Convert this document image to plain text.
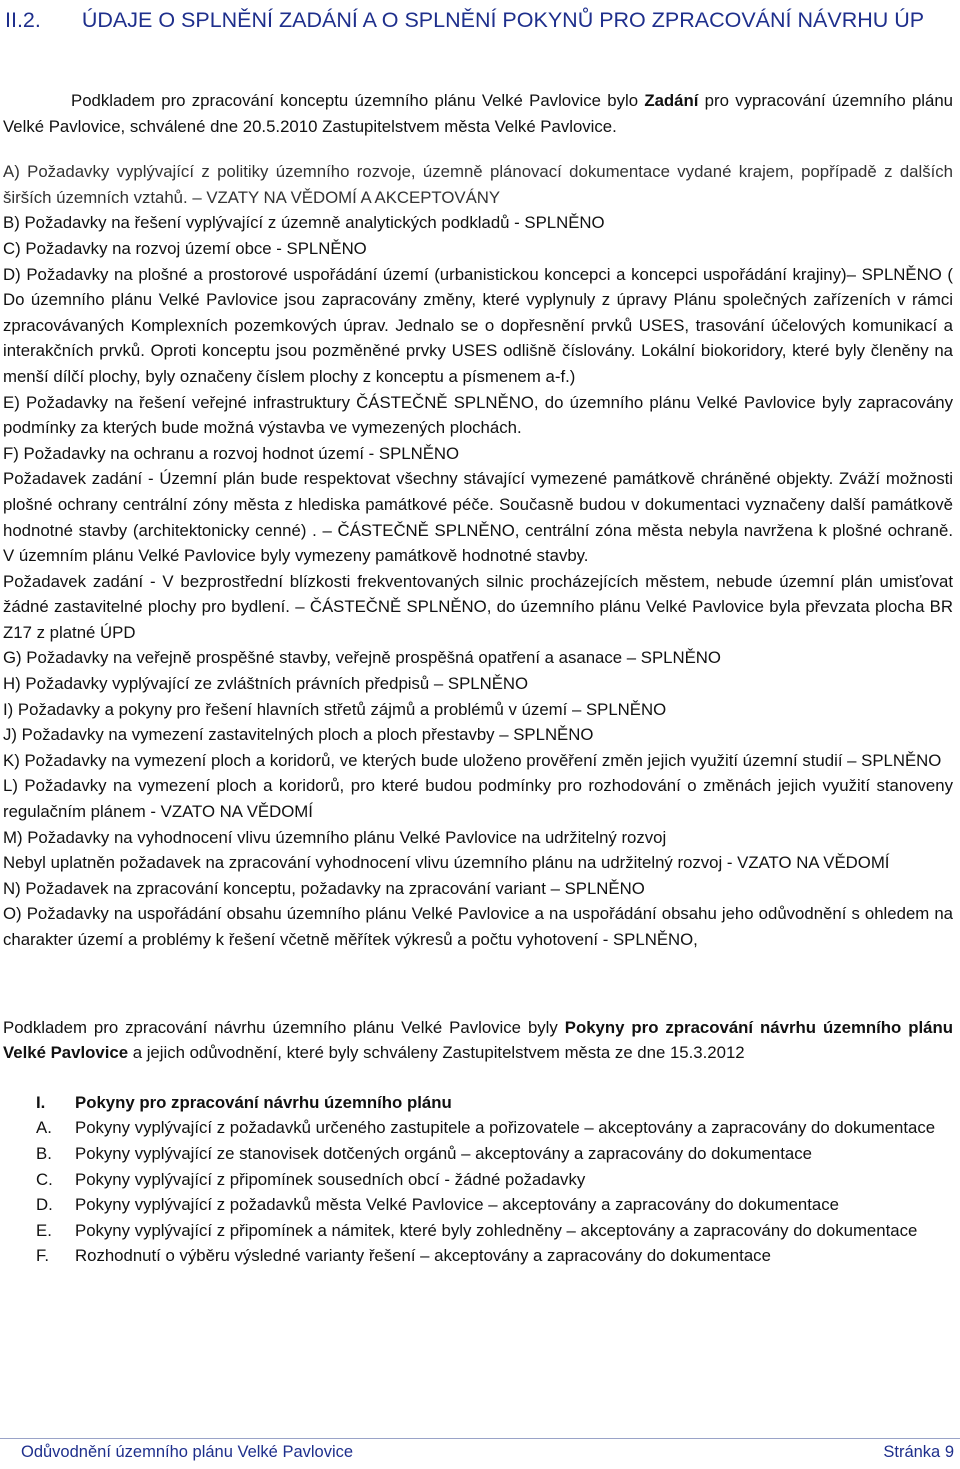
II.2. ÚDAJE O SPLNĚNÍ ZADÁNÍ A O SPLNĚNÍ POKYNŮ PRO ZPRACOVÁNÍ NÁVRHU ÚP

Podkladem pro zpracování konceptu územního plánu Velké Pavlovice bylo Zadání pro vypracování územního plánu Velké Pavlovice, schválené dne 20.5.2010 Zastupitelstvem města Velké Pavlovice.

A) Požadavky vyplývající z politiky územního rozvoje, územně plánovací dokumentace vydané krajem, popřípadě z dalších širších územních vztahů. – VZATY NA VĚDOMÍ A AKCEPTOVÁNY

B) Požadavky na řešení vyplývající z územně analytických podkladů - SPLNĚNO

C) Požadavky na rozvoj území obce - SPLNĚNO

D) Požadavky na plošné a prostorové uspořádání území (urbanistickou koncepci a koncepci uspořádání krajiny)– SPLNĚNO ( Do územního plánu Velké Pavlovice jsou zapracovány změny, které vyplynuly z úpravy Plánu společných zařízeních v rámci zpracovávaných Komplexních pozemkových úprav. Jednalo se o dopřesnění prvků USES, trasování účelových komunikací a interakčních prvků. Oproti konceptu jsou pozměněné prvky USES odlišně číslovány. Lokální biokoridory, které byly členěny na menší dílčí plochy, byly označeny číslem plochy z konceptu a písmenem a-f.)

E) Požadavky na řešení veřejné infrastruktury ČÁSTEČNĚ SPLNĚNO, do územního plánu Velké Pavlovice byly zapracovány podmínky za kterých bude možná výstavba ve vymezených plochách.

F) Požadavky na ochranu a rozvoj hodnot území - SPLNĚNO

Požadavek zadání - Územní plán bude respektovat všechny stávající vymezené památkově chráněné objekty. Zváží možnosti plošné ochrany centrální zóny města z hlediska památkové péče. Současně budou v dokumentaci vyznačeny další památkově hodnotné stavby (architektonicky cenné) . – ČÁSTEČNĚ SPLNĚNO, centrální zóna města nebyla navržena k plošné ochraně. V územním plánu Velké Pavlovice byly vymezeny památkově hodnotné stavby.

Požadavek zadání - V bezprostřední blízkosti frekventovaných silnic procházejících městem, nebude územní plán umisťovat žádné zastavitelné plochy pro bydlení. – ČÁSTEČNĚ SPLNĚNO, do územního plánu Velké Pavlovice byla převzata plocha BR Z17 z platné ÚPD

G) Požadavky na veřejně prospěšné stavby, veřejně prospěšná opatření a asanace – SPLNĚNO

H) Požadavky vyplývající ze zvláštních právních předpisů – SPLNĚNO

I) Požadavky a pokyny pro řešení hlavních střetů zájmů a problémů v území – SPLNĚNO

J) Požadavky na vymezení zastavitelných ploch a ploch přestavby – SPLNĚNO

K) Požadavky na vymezení ploch a koridorů, ve kterých bude uloženo prověření změn jejich využití územní studií – SPLNĚNO

L) Požadavky na vymezení ploch a koridorů, pro které budou podmínky pro rozhodování o změnách jejich využití stanoveny regulačním plánem - VZATO NA VĚDOMÍ

M) Požadavky na vyhodnocení vlivu územního plánu Velké Pavlovice na udržitelný rozvoj

Nebyl uplatněn požadavek na zpracování vyhodnocení vlivu územního plánu na udržitelný rozvoj - VZATO NA VĚDOMÍ

N) Požadavek na zpracování konceptu, požadavky na zpracování variant – SPLNĚNO

O) Požadavky na uspořádání obsahu územního plánu Velké Pavlovice a na uspořádání obsahu jeho odůvodnění s ohledem na charakter území a problémy k řešení včetně měřítek výkresů a počtu vyhotovení - SPLNĚNO,

Podkladem pro zpracování návrhu územního plánu Velké Pavlovice byly Pokyny pro zpracování návrhu územního plánu Velké Pavlovice a jejich odůvodnění, které byly schváleny Zastupitelstvem města ze dne 15.3.2012

I.	Pokyny pro zpracování návrhu územního plánu
A.	Pokyny vyplývající z požadavků určeného zastupitele a pořizovatele – akceptovány a zapracovány do dokumentace
B.	Pokyny vyplývající ze stanovisek dotčených orgánů – akceptovány a zapracovány do dokumentace
C.	Pokyny vyplývající z připomínek sousedních obcí - žádné požadavky
D.	Pokyny vyplývající z požadavků města Velké Pavlovice – akceptovány a zapracovány do dokumentace
E.	Pokyny vyplývající z připomínek a námitek, které byly zohledněny – akceptovány a zapracovány do dokumentace
F.	Rozhodnutí o výběru výsledné varianty řešení – akceptovány a zapracovány do dokumentace
Odůvodnění územního plánu Velké Pavlovice	Stránka 9
